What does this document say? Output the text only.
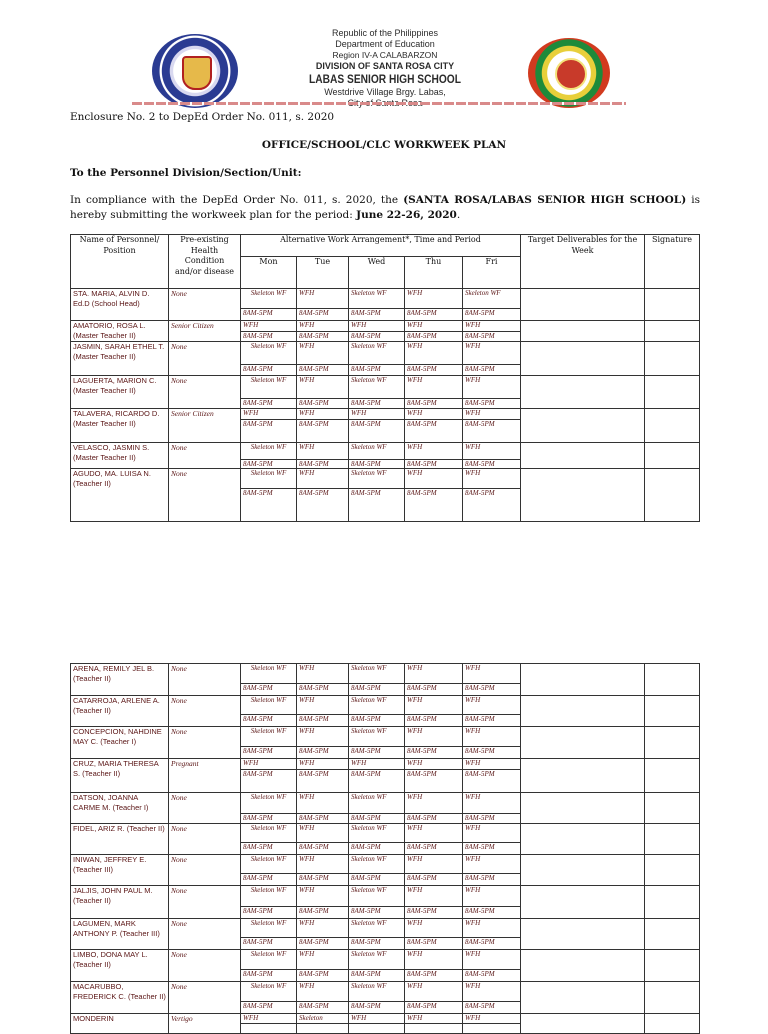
Republic of the Philippines
Department of Education
Region IV-A CALABARZON
DIVISION OF SANTA ROSA CITY
LABAS SENIOR HIGH SCHOOL
Westdrive Village Brgy. Labas,
Enclosure No. 2 to DepEd Order No. 011, s. 2020
OFFICE/SCHOOL/CLC WORKWEEK PLAN
To the Personnel Division/Section/Unit:
In compliance with the DepEd Order No. 011, s. 2020, the (SANTA ROSA/LABAS SENIOR HIGH SCHOOL) is hereby submitting the workweek plan for the period: June 22-26, 2020.
Name of Personnel/ Position	Pre-existing Health Condition and/or disease	Alternative Work Arrangement*, Time and Period					Target Deliverables for the Week	Signature
		Mon	Tue	Wed	Thu	Fri		
STA. MARIA, ALVIN D. Ed.D (School Head)	None	Skeleton WF	WFH	Skeleton WF	WFH	Skeleton WF		
		8AM-5PM	8AM-5PM	8AM-5PM	8AM-5PM	8AM-5PM		
AMATORIO, ROSA L. (Master Teacher II)	Senior Citizen	WFH	WFH	WFH	WFH	WFH		
		8AM-5PM	8AM-5PM	8AM-5PM	8AM-5PM	8AM-5PM		
JASMIN, SARAH ETHEL T. (Master Teacher II)	None	Skeleton WF	WFH	Skeleton WF	WFH	WFH		
		8AM-5PM	8AM-5PM	8AM-5PM	8AM-5PM	8AM-5PM		
LAGUERTA, MARION C. (Master Teacher II)	None	Skeleton WF	WFH	Skeleton WF	WFH	WFH		
		8AM-5PM	8AM-5PM	8AM-5PM	8AM-5PM	8AM-5PM		
TALAVERA, RICARDO D. (Master Teacher II)	Senior Citizen	WFH	WFH	WFH	WFH	WFH		
		8AM-5PM	8AM-5PM	8AM-5PM	8AM-5PM	8AM-5PM		
VELASCO, JASMIN S. (Master Teacher II)	None	Skeleton WF	WFH	Skeleton WF	WFH	WFH		
		8AM-5PM	8AM-5PM	8AM-5PM	8AM-5PM	8AM-5PM		
AGUDO, MA. LUISA N. (Teacher II)	None	Skeleton WF	WFH	Skeleton WF	WFH	WFH		
		8AM-5PM	8AM-5PM	8AM-5PM	8AM-5PM	8AM-5PM		
ARENA, REMILY JEL B. (Teacher II)	None	Skeleton WF	WFH	Skeleton WF	WFH	WFH		
		8AM-5PM	8AM-5PM	8AM-5PM	8AM-5PM	8AM-5PM		
CATARROJA, ARLENE A. (Teacher II)	None	Skeleton WF	WFH	Skeleton WF	WFH	WFH		
		8AM-5PM	8AM-5PM	8AM-5PM	8AM-5PM	8AM-5PM		
CONCEPCION, NAHDINE MAY C. (Teacher I)	None	Skeleton WF	WFH	Skeleton WF	WFH	WFH		
		8AM-5PM	8AM-5PM	8AM-5PM	8AM-5PM	8AM-5PM		
CRUZ, MARIA THERESA S. (Teacher II)	Pregnant	WFH	WFH	WFH	WFH	WFH		
		8AM-5PM	8AM-5PM	8AM-5PM	8AM-5PM	8AM-5PM		
DATSON, JOANNA CARME M. (Teacher I)	None	Skeleton WF	WFH	Skeleton WF	WFH	WFH		
		8AM-5PM	8AM-5PM	8AM-5PM	8AM-5PM	8AM-5PM		
FIDEL, ARIZ R. (Teacher II)	None	Skeleton WF	WFH	Skeleton WF	WFH	WFH		
		8AM-5PM	8AM-5PM	8AM-5PM	8AM-5PM	8AM-5PM		
INIWAN, JEFFREY E. (Teacher III)	None	Skeleton WF	WFH	Skeleton WF	WFH	WFH		
		8AM-5PM	8AM-5PM	8AM-5PM	8AM-5PM	8AM-5PM		
JALJIS, JOHN PAUL M. (Teacher II)	None	Skeleton WF	WFH	Skeleton WF	WFH	WFH		
		8AM-5PM	8AM-5PM	8AM-5PM	8AM-5PM	8AM-5PM		
LAGUMEN, MARK ANTHONY P. (Teacher III)	None	Skeleton WF	WFH	Skeleton WF	WFH	WFH		
		8AM-5PM	8AM-5PM	8AM-5PM	8AM-5PM	8AM-5PM		
LIMBO, DONA MAY L. (Teacher II)	None	Skeleton WF	WFH	Skeleton WF	WFH	WFH		
		8AM-5PM	8AM-5PM	8AM-5PM	8AM-5PM	8AM-5PM		
MACARUBBO, FREDERICK C. (Teacher II)	None	Skeleton WF	WFH	Skeleton WF	WFH	WFH		
		8AM-5PM	8AM-5PM	8AM-5PM	8AM-5PM	8AM-5PM		
MONDERIN	Vertigo	WFH	Skeleton	WFH	WFH	WFH		
